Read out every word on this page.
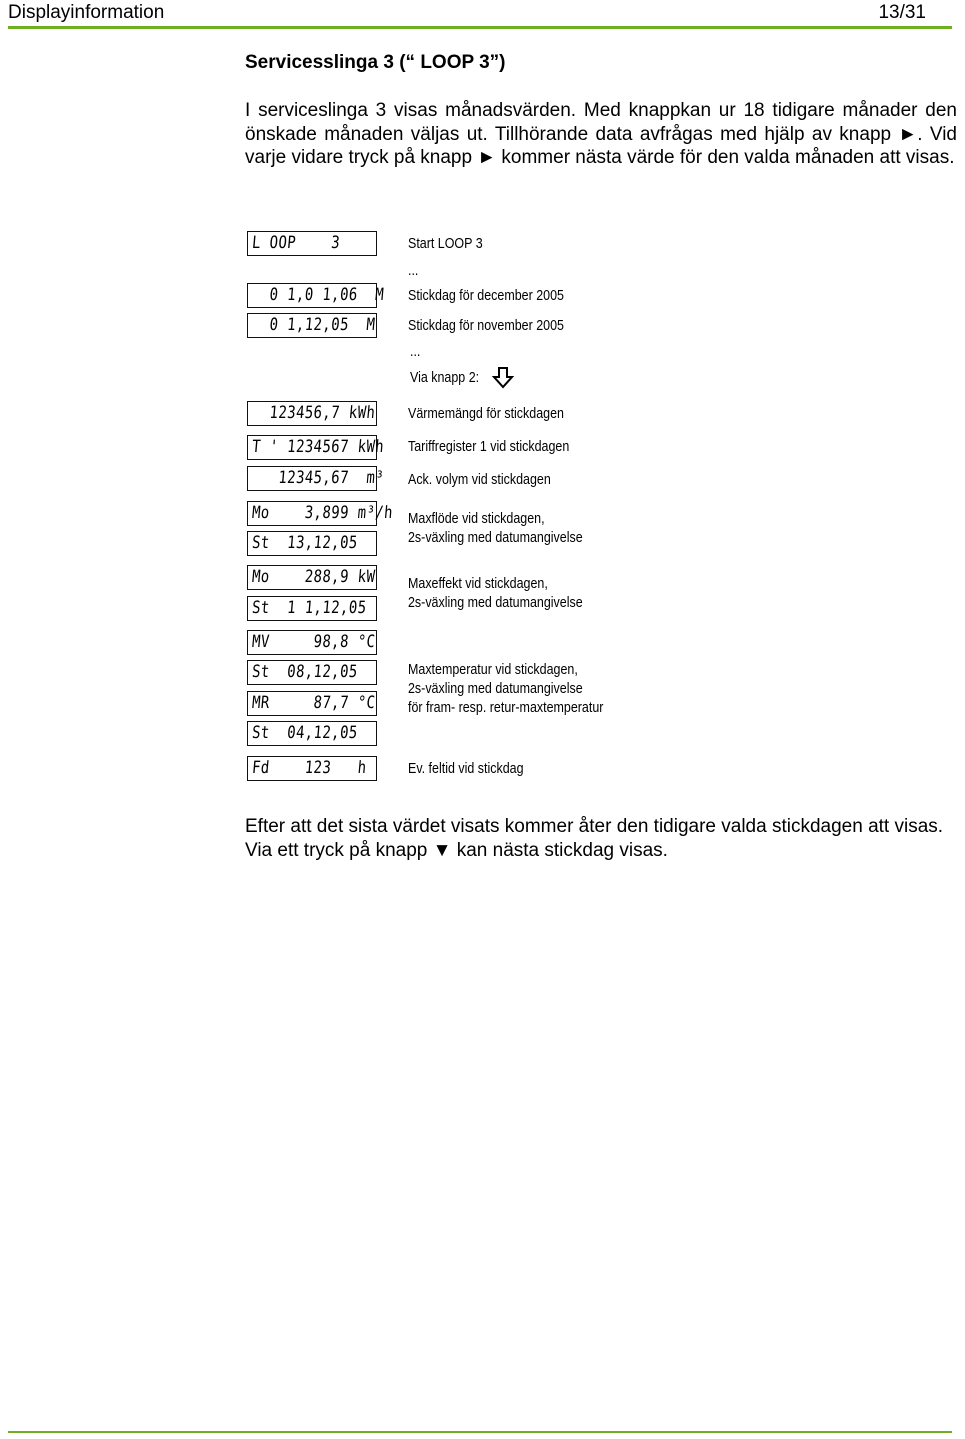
Displayinformation	13/31
Servicesslinga 3 (“ LOOP 3”)
I serviceslinga 3 visas månadsvärden. Med knappkan ur 18 tidigare månader den önskade månaden väljas ut. Tillhörande data avfrågas med hjälp av knapp ►. Vid varje vidare tryck på knapp ► kommer nästa värde för den valda månaden att visas.
L OOP    3
0 1,0 1,06  M
0 1,12,05  M
123456,7 kWh
T ' 1234567 kWh
12345,67  m³
Mo    3,899 m³/h
St  13,12,05
Mo    288,9 kW
St  1 1,12,05
MV     98,8 °C
St  08,12,05
MR     87,7 °C
St  04,12,05
Fd    123   h
Start LOOP 3
...
Stickdag för december 2005
Stickdag för november 2005
...
Via knapp 2:
Värmemängd för stickdagen
Tariffregister 1 vid stickdagen
Ack. volym vid stickdagen
Maxflöde vid stickdagen,
2s-växling med datumangivelse
Maxeffekt vid stickdagen,
2s-växling med datumangivelse
Maxtemperatur vid stickdagen,
2s-växling med datumangivelse
för fram- resp. retur-maxtemperatur
Ev. feltid vid stickdag
Efter att det sista värdet visats kommer åter den tidigare valda stickdagen att visas. Via ett tryck på knapp ▼ kan nästa stickdag visas.
